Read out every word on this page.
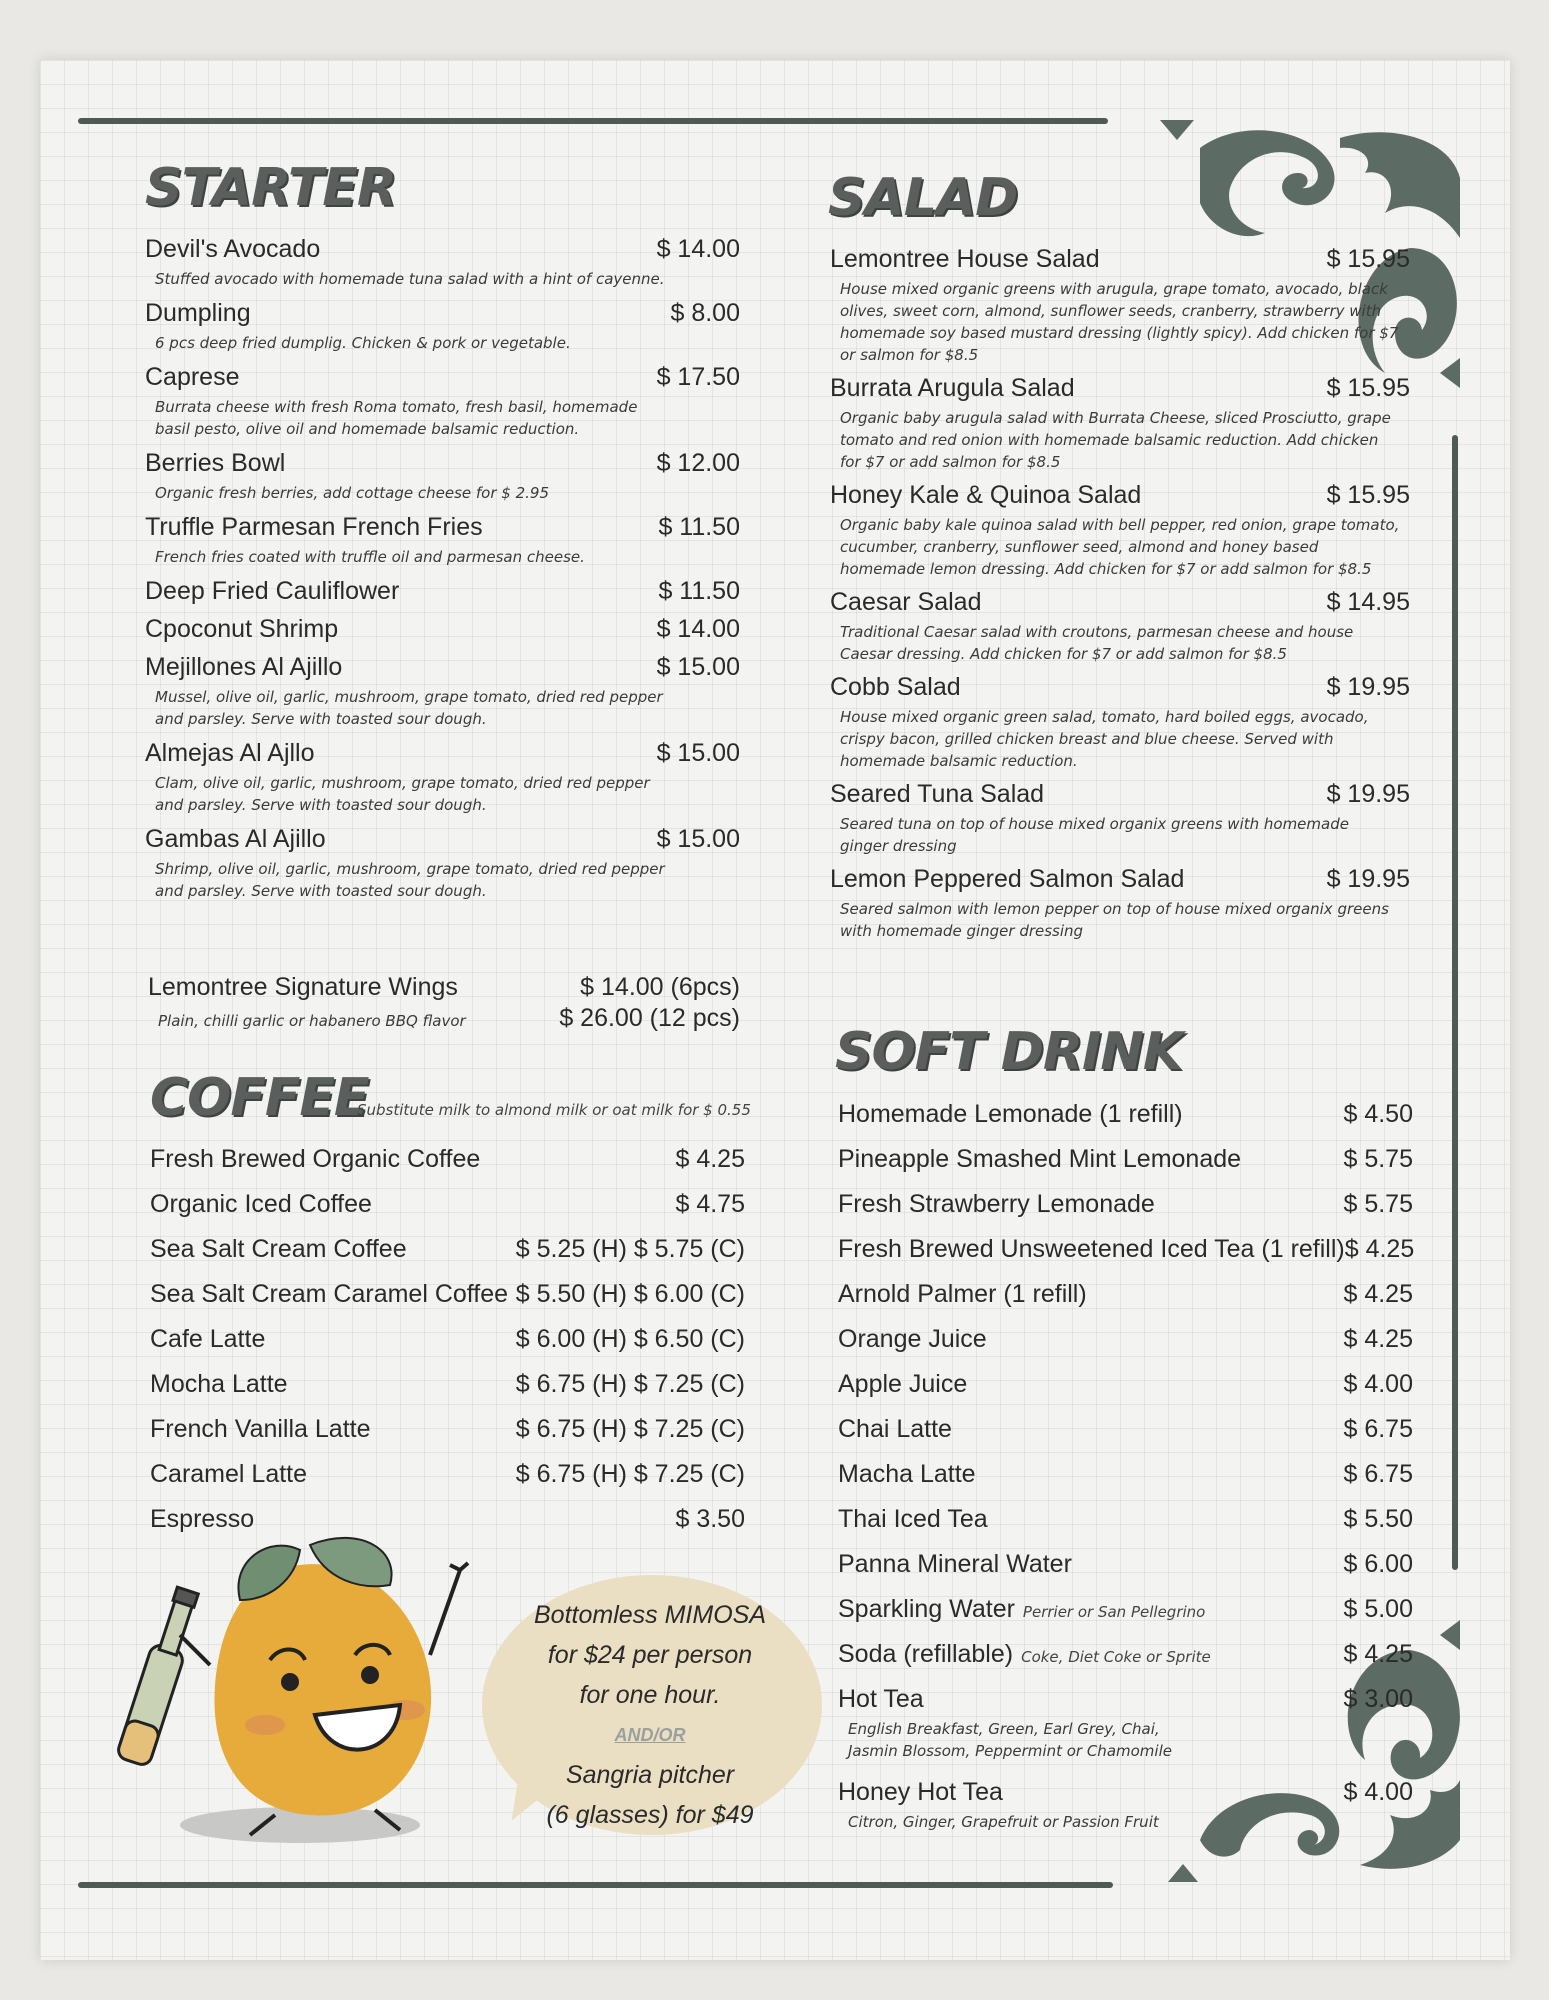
STARTER
Devil's Avocado	$ 14.00
Stuffed avocado with homemade tuna salad with a hint of cayenne.
Dumpling	$ 8.00
6 pcs deep fried dumplig. Chicken & pork or vegetable.
Caprese	$ 17.50
Burrata cheese with fresh Roma tomato, fresh basil, homemade basil pesto, olive oil and homemade balsamic reduction.
Berries Bowl	$ 12.00
Organic fresh berries, add cottage cheese for $ 2.95
Truffle Parmesan French Fries	$ 11.50
French fries coated with truffle oil and parmesan cheese.
Deep Fried Cauliflower	$ 11.50
Cpoconut Shrimp	$ 14.00
Mejillones Al Ajillo	$ 15.00
Mussel, olive oil, garlic, mushroom, grape tomato, dried red pepper and parsley. Serve with toasted sour dough.
Almejas Al Ajllo	$ 15.00
Clam, olive oil, garlic, mushroom, grape tomato, dried red pepper and parsley. Serve with toasted sour dough.
Gambas Al Ajillo	$ 15.00
Shrimp, olive oil, garlic, mushroom, grape tomato, dried red pepper and parsley. Serve with toasted sour dough.
Lemontree Signature Wings	$ 14.00 (6pcs)
Plain, chilli garlic or habanero BBQ flavor	$ 26.00 (12 pcs)
COFFEE
Substitute milk to almond milk or oat milk for $ 0.55
Fresh Brewed Organic Coffee	$ 4.25
Organic Iced Coffee	$ 4.75
Sea Salt Cream Coffee	$ 5.25 (H) $ 5.75 (C)
Sea Salt Cream Caramel Coffee $ 5.50 (H) $ 6.00 (C)
Cafe Latte	$ 6.00 (H) $ 6.50 (C)
Mocha Latte	$ 6.75 (H) $ 7.25 (C)
French Vanilla Latte	$ 6.75 (H) $ 7.25 (C)
Caramel Latte	$ 6.75 (H) $ 7.25 (C)
Espresso	$ 3.50
SALAD
Lemontree House Salad	$ 15.95
House mixed organic greens with arugula, grape tomato, avocado, black olives, sweet corn, almond, sunflower seeds, cranberry, strawberry with homemade soy based mustard dressing (lightly spicy). Add chicken for $7 or salmon for $8.5
Burrata Arugula Salad	$ 15.95
Organic baby arugula salad with Burrata Cheese, sliced Prosciutto, grape tomato and red onion with homemade balsamic reduction. Add chicken for $7 or add salmon for $8.5
Honey Kale & Quinoa Salad	$ 15.95
Organic baby kale quinoa salad with bell pepper, red onion, grape tomato, cucumber, cranberry, sunflower seed, almond and honey based homemade lemon dressing. Add chicken for $7 or add salmon for $8.5
Caesar Salad	$ 14.95
Traditional Caesar salad with croutons, parmesan cheese and house Caesar dressing. Add chicken for $7 or add salmon for $8.5
Cobb Salad	$ 19.95
House mixed organic green salad, tomato, hard boiled eggs, avocado, crispy bacon, grilled chicken breast and blue cheese. Served with homemade balsamic reduction.
Seared Tuna Salad	$ 19.95
Seared tuna on top of house mixed organix greens with homemade ginger dressing
Lemon Peppered Salmon Salad	$ 19.95
Seared salmon with lemon pepper on top of house mixed organix greens with homemade ginger dressing
SOFT DRINK
Homemade Lemonade (1 refill)	$ 4.50
Pineapple Smashed Mint Lemonade	$ 5.75
Fresh Strawberry Lemonade	$ 5.75
Fresh Brewed Unsweetened Iced Tea (1 refill) $ 4.25
Arnold Palmer (1 refill)	$ 4.25
Orange Juice	$ 4.25
Apple Juice	$ 4.00
Chai Latte	$ 6.75
Macha Latte	$ 6.75
Thai Iced Tea	$ 5.50
Panna Mineral Water	$ 6.00
Sparkling Water Perrier or San Pellegrino	$ 5.00
Soda (refillable) Coke, Diet Coke or Sprite	$ 4.25
Hot Tea	$ 3.00
English Breakfast, Green, Earl Grey, Chai, Jasmin Blossom, Peppermint or Chamomile
Honey Hot Tea	$ 4.00
Citron, Ginger, Grapefruit or Passion Fruit
Bottomless MIMOSA
for $24 per person
for one hour.
AND/OR
Sangria pitcher
(6 glasses) for $49
